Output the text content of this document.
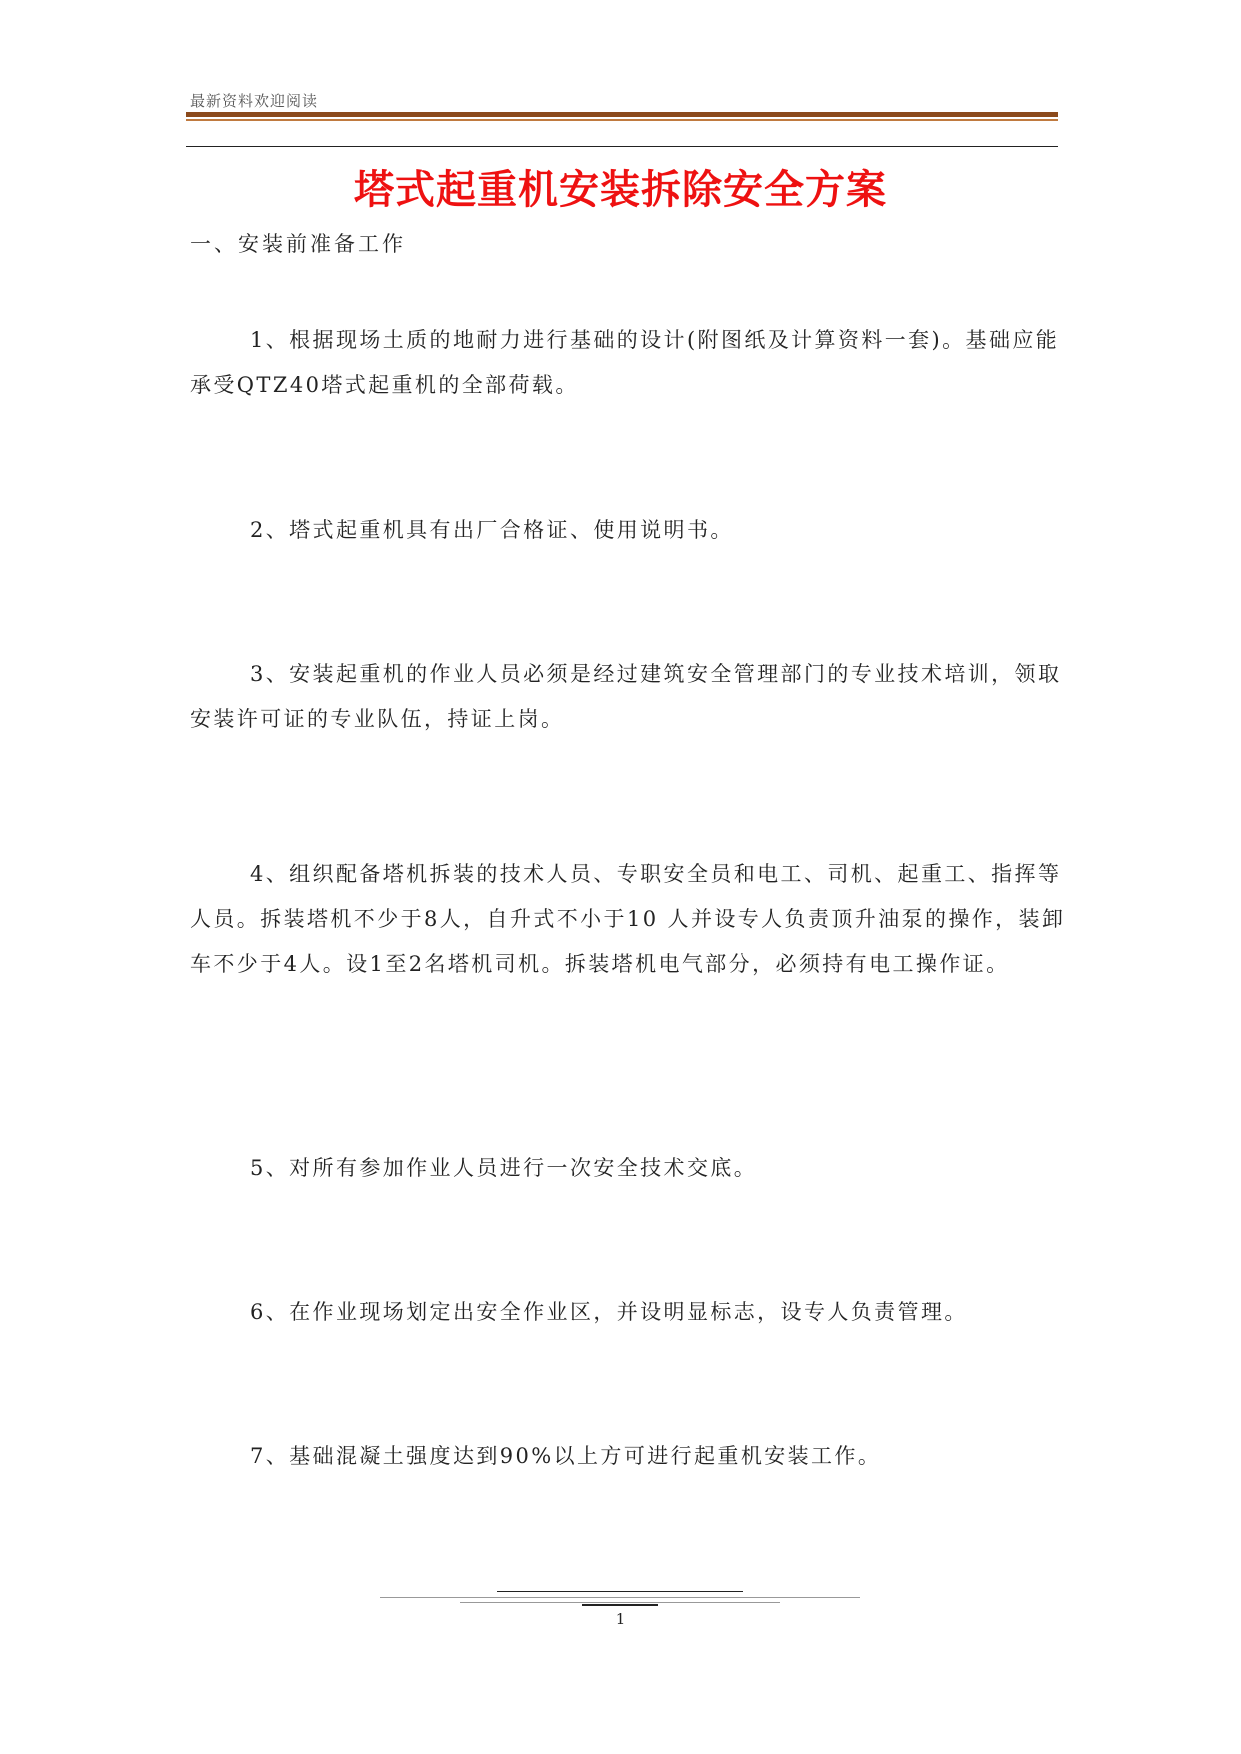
最新资料欢迎阅读
塔式起重机安装拆除安全方案
一、安装前准备工作
1、根据现场土质的地耐力进行基础的设计(附图纸及计算资料一套)。基础应能承受QTZ40塔式起重机的全部荷载。
2、塔式起重机具有出厂合格证、使用说明书。
3、安装起重机的作业人员必须是经过建筑安全管理部门的专业技术培训，领取安装许可证的专业队伍，持证上岗。
4、组织配备塔机拆装的技术人员、专职安全员和电工、司机、起重工、指挥等人员。拆装塔机不少于8人，自升式不小于10 人并设专人负责顶升油泵的操作，装卸车不少于4人。设1至2名塔机司机。拆装塔机电气部分，必须持有电工操作证。
5、对所有参加作业人员进行一次安全技术交底。
6、在作业现场划定出安全作业区，并设明显标志，设专人负责管理。
7、基础混凝土强度达到90%以上方可进行起重机安装工作。
1
